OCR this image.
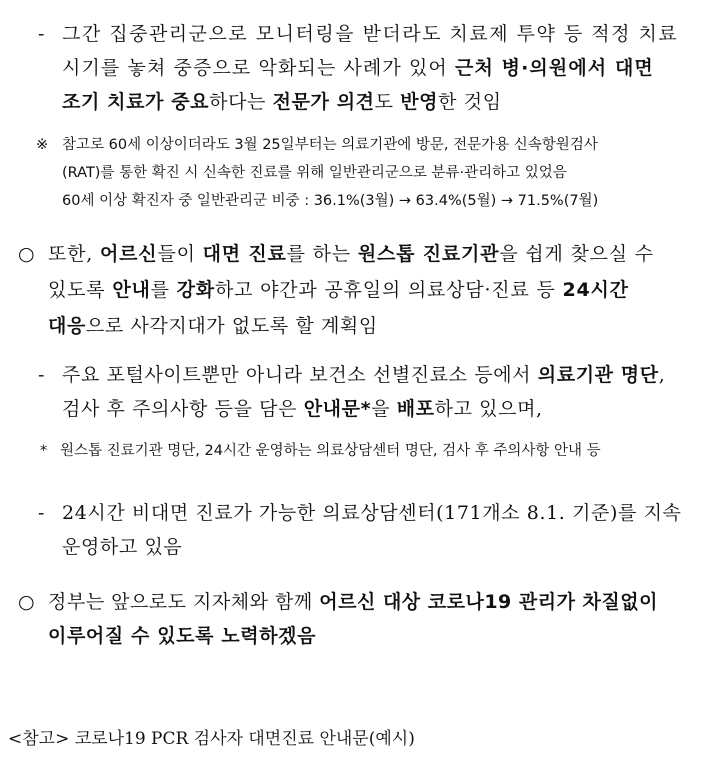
- 그간 집중관리군으로 모니터링을 받더라도 치료제 투약 등 적정 치료
시기를 놓쳐 중증으로 악화되는 사례가 있어 근처 병·의원에서 대면
조기 치료가 중요하다는 전문가 의견도 반영한 것임
※ 참고로 60세 이상이더라도 3월 25일부터는 의료기관에 방문, 전문가용 신속항원검사
(RAT)를 통한 확진 시 신속한 진료를 위해 일반관리군으로 분류·관리하고 있었음
60세 이상 확진자 중 일반관리군 비중 : 36.1%(3월) → 63.4%(5월) → 71.5%(7월)
○ 또한, 어르신들이 대면 진료를 하는 원스톱 진료기관을 쉽게 찾으실 수
있도록 안내를 강화하고 야간과 공휴일의 의료상담·진료 등 24시간
대응으로 사각지대가 없도록 할 계획임
- 주요 포털사이트뿐만 아니라 보건소 선별진료소 등에서 의료기관 명단,
검사 후 주의사항 등을 담은 안내문*을 배포하고 있으며,
* 원스톱 진료기관 명단, 24시간 운영하는 의료상담센터 명단, 검사 후 주의사항 안내 등
- 24시간 비대면 진료가 가능한 의료상담센터(171개소 8.1. 기준)를 지속
운영하고 있음
○ 정부는 앞으로도 지자체와 함께 어르신 대상 코로나19 관리가 차질없이
이루어질 수 있도록 노력하겠음
<참고> 코로나19 PCR 검사자 대면진료 안내문(예시)
